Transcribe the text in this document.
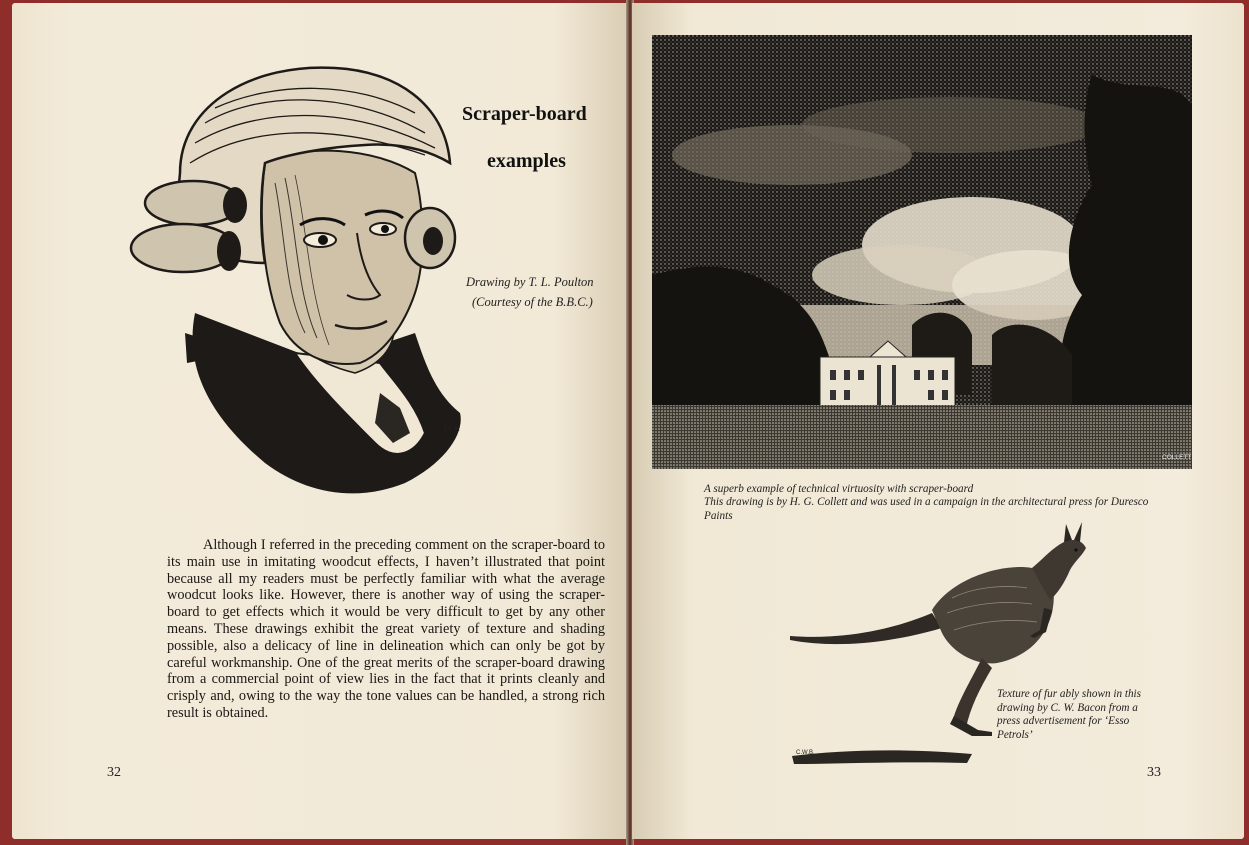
T.L.P.
Scraper-board
examples
Drawing by T. L. Poulton
(Courtesy of the B.B.C.)

Although I referred in the preceding comment on the scraper-board to its main use in imitating woodcut effects, I haven’t illustrated that point because all my readers must be perfectly familiar with what the average woodcut looks like. However, there is another way of using the scraper-board to get effects which it would be very difficult to get by any other means. These drawings exhibit the great variety of texture and shading possible, also a delicacy of line in delineation which can only be got by careful workmanship. One of the great merits of the scraper-board drawing from a commercial point of view lies in the fact that it prints cleanly and crisply and, owing to the way the tone values can be handled, a strong rich result is obtained.

32
COLLETT
A superb example of technical virtuosity with scraper-board
This drawing is by H. G. Collett and was used in a campaign in the architectural press for Duresco Paints
C.W.B.
Texture of fur ably shown in this drawing by C. W. Bacon from a press advertisement for ‘Esso Petrols’
33
